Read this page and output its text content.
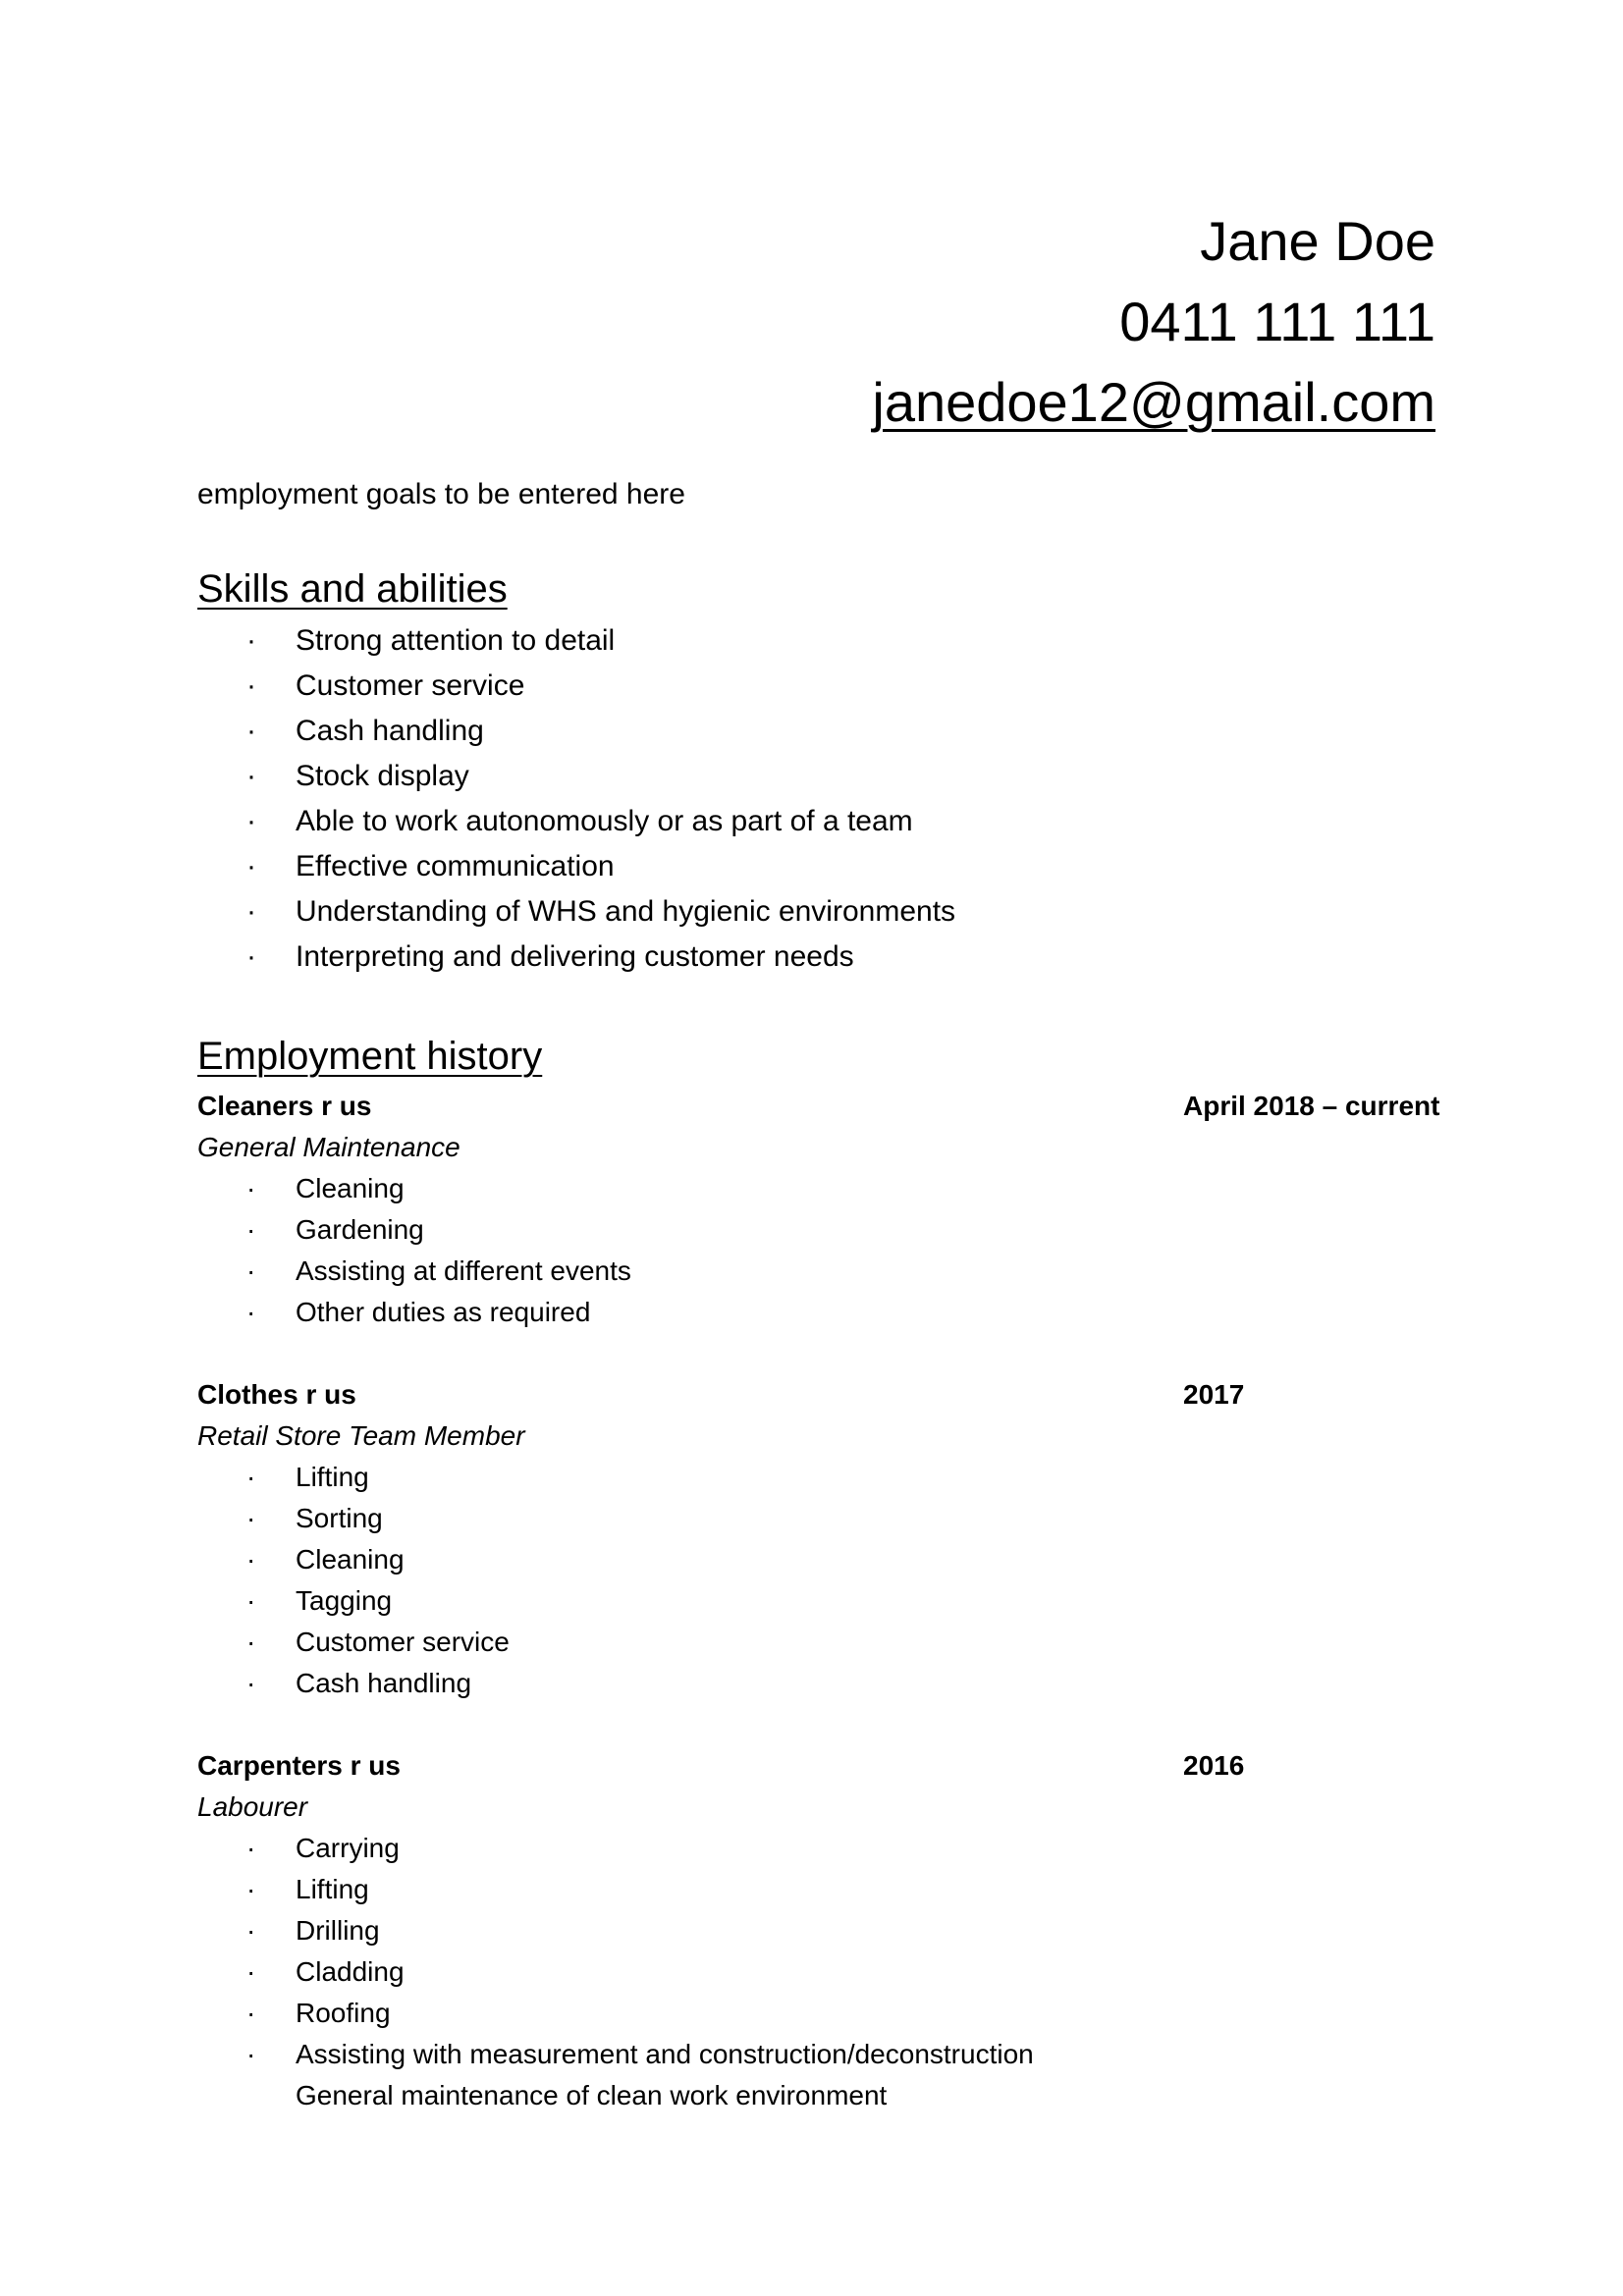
Jane Doe
0411 111 111
janedoe12@gmail.com

employment goals to be entered here

Skills and abilities
· Strong attention to detail
· Customer service
· Cash handling
· Stock display
· Able to work autonomously or as part of a team
· Effective communication
· Understanding of WHS and hygienic environments
· Interpreting and delivering customer needs
Employment history
Cleaners r us	April 2018 – current
General Maintenance
· Cleaning
· Gardening
· Assisting at different events
· Other duties as required
Clothes r us	2017
Retail Store Team Member
· Lifting
· Sorting
· Cleaning
· Tagging
· Customer service
· Cash handling
Carpenters r us	2016
Labourer
· Carrying
· Lifting
· Drilling
· Cladding
· Roofing
· Assisting with measurement and construction/deconstruction
General maintenance of clean work environment
